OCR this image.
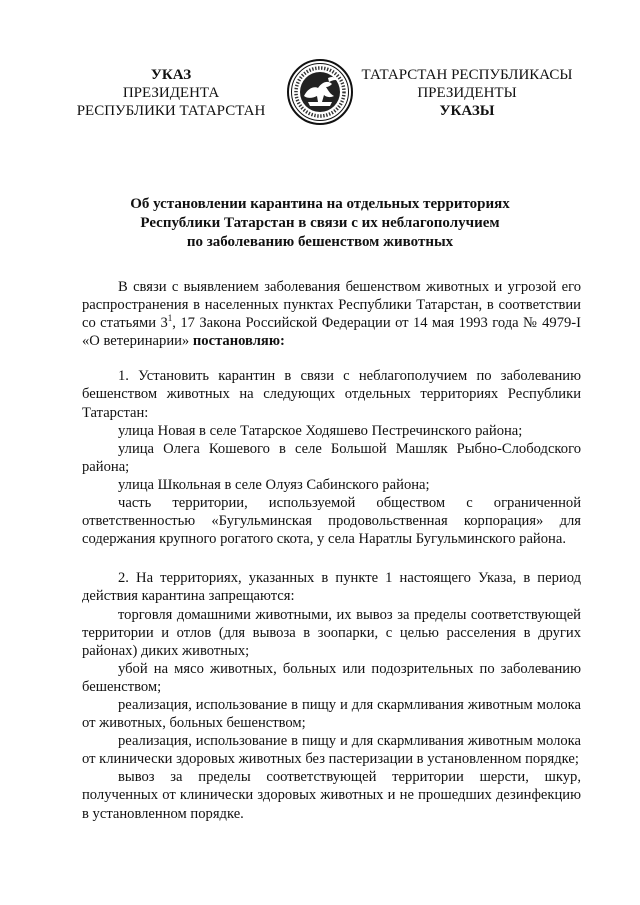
УКАЗ
ПРЕЗИДЕНТА
РЕСПУБЛИКИ ТАТАРСТАН
ТАТАРСТАН РЕСПУБЛИКАСЫ
ПРЕЗИДЕНТЫ
УКАЗЫ
Об установлении карантина на отдельных территориях
Республики Татарстан в связи с их неблагополучием
по заболеванию бешенством животных

В связи с выявлением заболевания бешенством животных и угрозой его распространения в населенных пунктах Республики Татарстан, в соответствии со статьями $3^1$, 17 Закона Российской Федерации от 14 мая 1993 года № 4979-I «О ветеринарии» постановляю:

1. Установить карантин в связи с неблагополучием по заболеванию бешенством животных на следующих отдельных территориях Республики Татарстан:

улица Новая в селе Татарское Ходяшево Пестречинского района;

улица Олега Кошевого в селе Большой Машляк Рыбно-Слободского района;

улица Школьная в селе Олуяз Сабинского района;

часть территории, используемой обществом с ограниченной ответственностью «Бугульминская продовольственная корпорация» для содержания крупного рогатого скота, у села Наратлы Бугульминского района.

2. На территориях, указанных в пункте 1 настоящего Указа, в период действия карантина запрещаются:

торговля домашними животными, их вывоз за пределы соответствующей территории и отлов (для вывоза в зоопарки, с целью расселения в других районах) диких животных;

убой на мясо животных, больных или подозрительных по заболеванию бешенством;

реализация, использование в пищу и для скармливания животным молока от животных, больных бешенством;

реализация, использование в пищу и для скармливания животным молока от клинически здоровых животных без пастеризации в установленном порядке;

вывоз за пределы соответствующей территории шерсти, шкур, полученных от клинически здоровых животных и не прошедших дезинфекцию в установленном порядке.
